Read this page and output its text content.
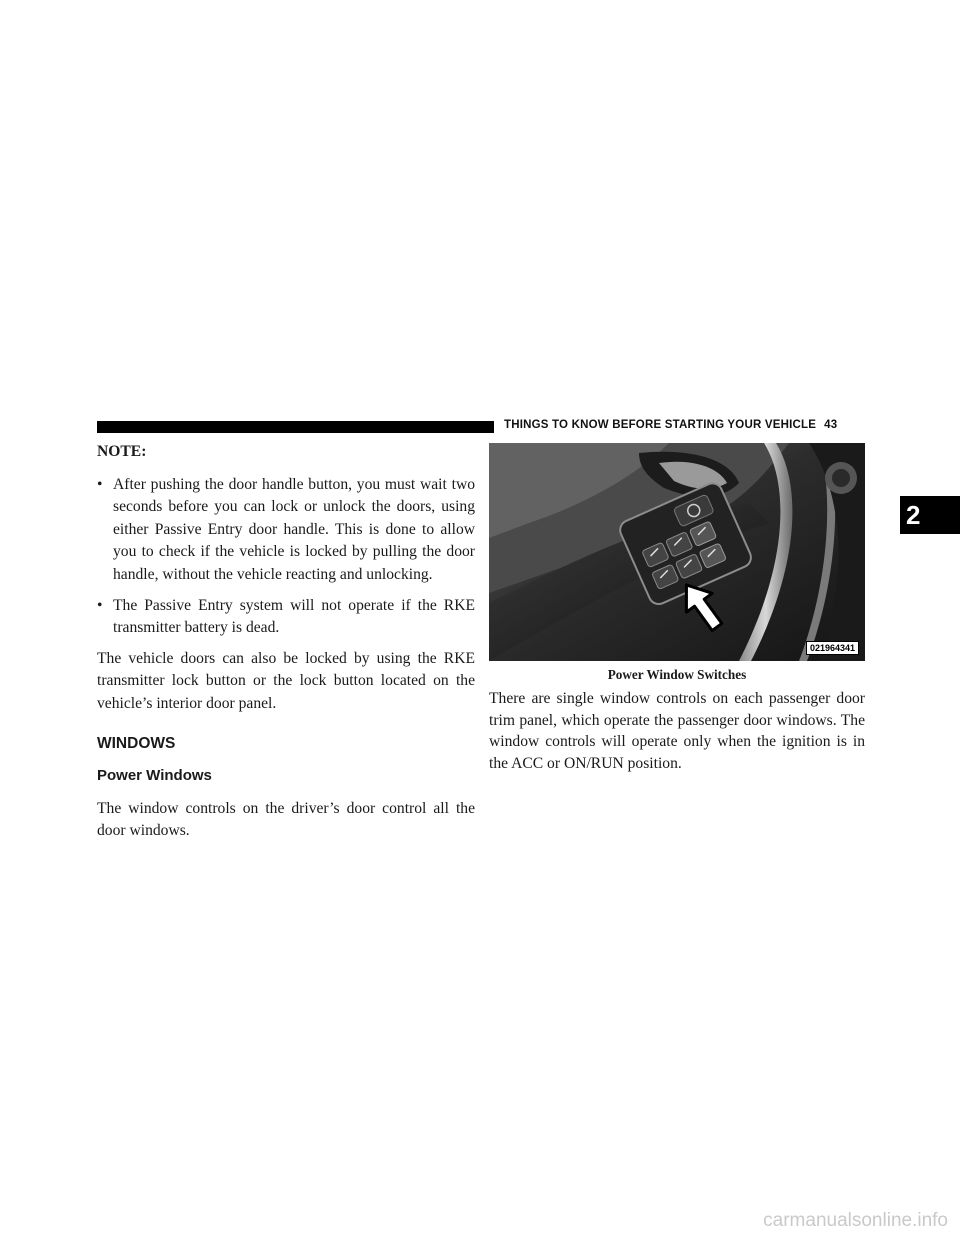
THINGS TO KNOW BEFORE STARTING YOUR VEHICLE 43
2

NOTE:

• After pushing the door handle button, you must wait two seconds before you can lock or unlock the doors, using either Passive Entry door handle. This is done to allow you to check if the vehicle is locked by pulling the door handle, without the vehicle reacting and unlocking.
• The Passive Entry system will not operate if the RKE transmitter battery is dead.

The vehicle doors can also be locked by using the RKE transmitter lock button or the lock button located on the vehicle’s interior door panel.

WINDOWS
Power Windows

The window controls on the driver’s door control all the door windows.

021964341
Power Window Switches

There are single window controls on each passenger door trim panel, which operate the passenger door windows. The window controls will operate only when the ignition is in the ACC or ON/RUN position.

carmanualsonline.info
